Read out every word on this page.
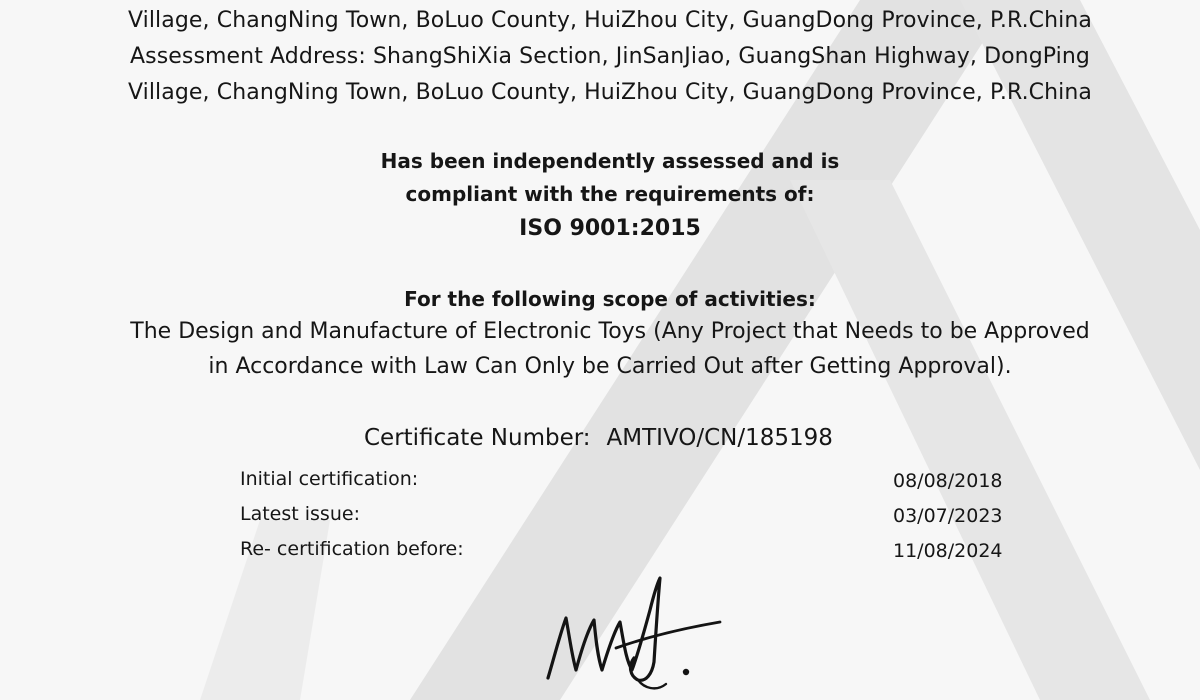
Village, ChangNing Town, BoLuo County, HuiZhou City, GuangDong Province, P.R.China
Assessment Address: ShangShiXia Section, JinSanJiao, GuangShan Highway, DongPing
Village, ChangNing Town, BoLuo County, HuiZhou City, GuangDong Province, P.R.China
Has been independently assessed and is
compliant with the requirements of:
ISO 9001:2015
For the following scope of activities:
The Design and Manufacture of Electronic Toys (Any Project that Needs to be Approved
in Accordance with Law Can Only be Carried Out after Getting Approval).
Certificate Number: AMTIVO/CN/185198
Initial certification:	08/08/2018
Latest issue:	03/07/2023
Re- certification before:	11/08/2024
